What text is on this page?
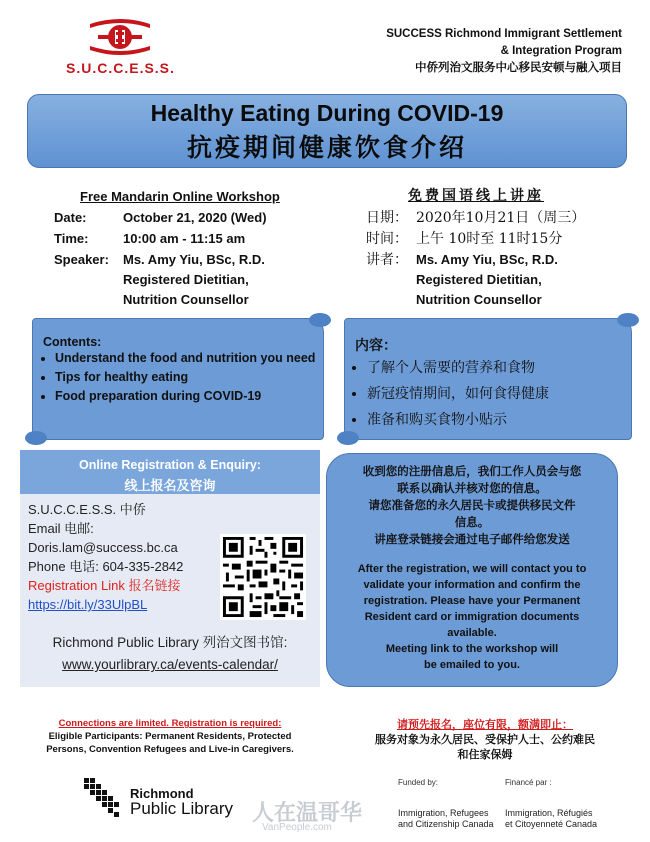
S.U.C.C.E.S.S.
SUCCESS Richmond Immigrant Settlement
& Integration Program
中侨列治文服务中心移民安顿与融入项目
Healthy Eating During COVID-19
抗疫期间健康饮食介绍
Free Mandarin Online Workshop
Date:	October 21, 2020 (Wed)
Time:	10:00 am - 11:15 am
Speaker: Ms. Amy Yiu, BSc, R.D.
Registered Dietitian,
Nutrition Counsellor
免费国语线上讲座
日期： 2020年10月21日（周三）
时间： 上午 10时至 11时15分
讲者： Ms. Amy Yiu, BSc, R.D.
Registered Dietitian,
Nutrition Counsellor
Contents:
• Understand the food and nutrition you need
• Tips for healthy eating
• Food preparation during COVID-19
内容：
• 了解个人需要的营养和食物
• 新冠疫情期间，如何食得健康
• 准备和购买食物小贴示
Online Registration & Enquiry:
线上报名及咨询
S.U.C.C.E.S.S. 中侨
Email 电邮:
Doris.lam@success.bc.ca
Phone 电话: 604-335-2842
Registration Link 报名链接
https://bit.ly/33UlpBL
Richmond Public Library 列治文图书馆:
www.yourlibrary.ca/events-calendar/
收到您的注册信息后，我们工作人员会与您
联系以确认并核对您的信息。
请您准备您的永久居民卡或提供移民文件
信息。
讲座登录链接会通过电子邮件给您发送
After the registration, we will contact you to
validate your information and confirm the
registration. Please have your Permanent
Resident card or immigration documents
available.
Meeting link to the workshop will
be emailed to you.
Connections are limited. Registration is required:
Eligible Participants: Permanent Residents, Protected
Persons, Convention Refugees and Live-in Caregivers.
请预先报名，座位有限，额满即止：
服务对象为永久居民、受保护人士、公约难民
和住家保姆
Richmond
Public Library 人在温哥华
VanPeople.com
Funded by:	Financé par :
Immigration, Refugees
and Citizenship Canada
Immigration, Réfugiés
et Citoyenneté Canada
